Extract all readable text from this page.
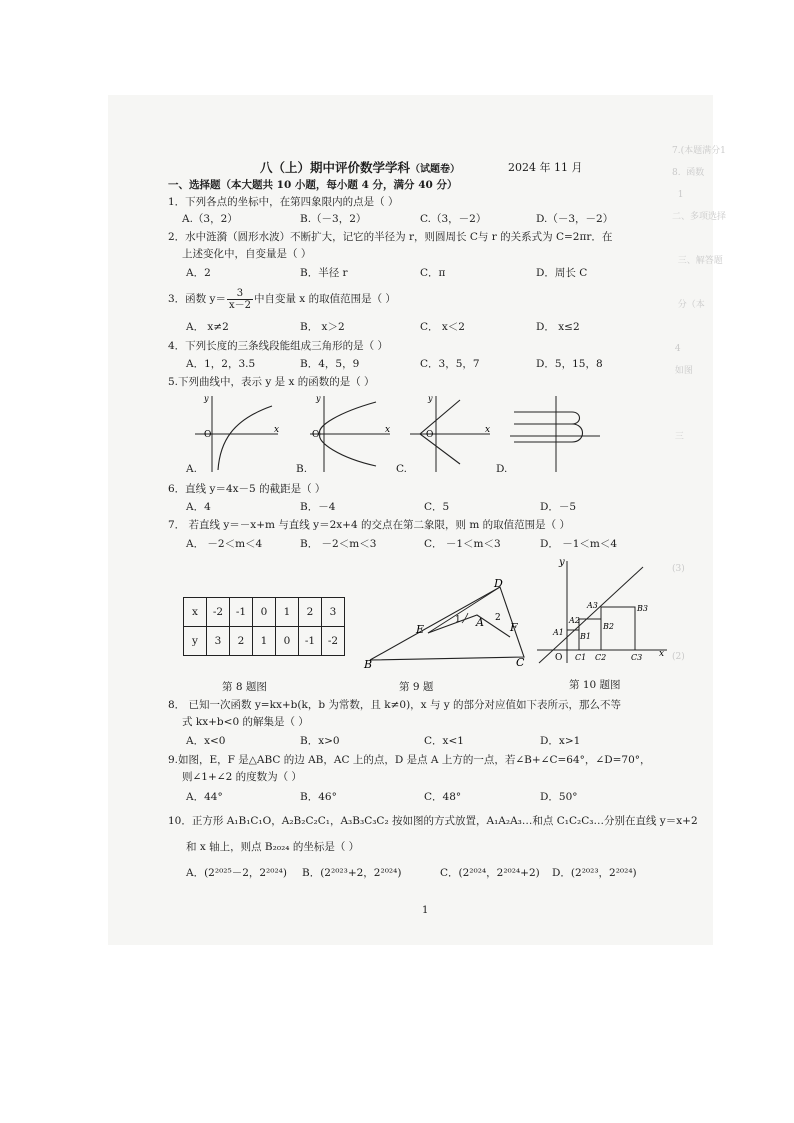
7.(本题满分1
8.  函数
1
二、多项选择

三、解答题

分（本

4
如图

三

(3)

(2)
八（上）期中评价数学学科（试题卷）	2024 年 11 月
一、选择题（本大题共 10 小题，每小题 4 分，满分 40 分）
1．下列各点的坐标中，在第四象限内的点是（ ）
A.（3，2）	B.（－3，2）	C.（3，－2）	D.（－3，－2）
2．水中涟漪（圆形水波）不断扩大，记它的半径为 r，则圆周长 C与 r 的关系式为 C=2πr．在
上述变化中，自变量是（ ）
A．2	B．半径 r	C．π	D．周长 C
3．函数 $y= \frac{3}{x-2}$ 中自变量 x 的取值范围是（ ）
A． x≠2	B． x＞2	C． x＜2	D． x≤2
4．下列长度的三条线段能组成三角形的是（ ）
A．1，2，3.5	B．4，5，9	C．3，5，7	D．5，15，8
5.下列曲线中，表示 y 是 x 的函数的是（ ）
O	x
y
O	x
y
O	x
y
A.	B.	C.	D.
6．直线 y＝4x－5 的截距是（ ）
A．4	B．－4	C．5	D．－5
7． 若直线 y＝－x+m 与直线 y＝2x+4 的交点在第二象限，则 m 的取值范围是（ ）
A． －2＜m＜4	B． －2＜m＜3	C． －1＜m＜3	D． －1＜m＜4
x	-2	-1	0	1	2	3
y	3	2	1	0	-1	-2
D
E
A F
B	C
1	2
y
A3	B3
A2
B2
A1 B1
O C1 C2	C3 x
第 8 题图	第 9 题	第 10 题图
8． 已知一次函数 y=kx+b(k，b 为常数，且 k≠0)，x 与 y 的部分对应值如下表所示，那么不等
式 kx+b<0 的解集是（ ）
A．x<0	B．x>0	C．x<1	D．x>1
9.如图，E，F 是△ABC 的边 AB，AC 上的点，D 是点 A 上方的一点，若∠B+∠C=64°，∠D=70°，
则∠1+∠2 的度数为（ ）
A．44°	B．46°	C．48°	D．50°
10．正方形 A₁B₁C₁O，A₂B₂C₂C₁，A₃B₃C₃C₂ 按如图的方式放置，A₁A₂A₃…和点 C₁C₂C₃…分别在直线 y＝x+2
和 x 轴上，则点 B₂₀₂₄ 的坐标是（ ）
A．(2²⁰²⁵－2，2²⁰²⁴) B．(2²⁰²³+2，2²⁰²⁴)	C．(2²⁰²⁴，2²⁰²⁴+2) D．(2²⁰²³，2²⁰²⁴)
1
